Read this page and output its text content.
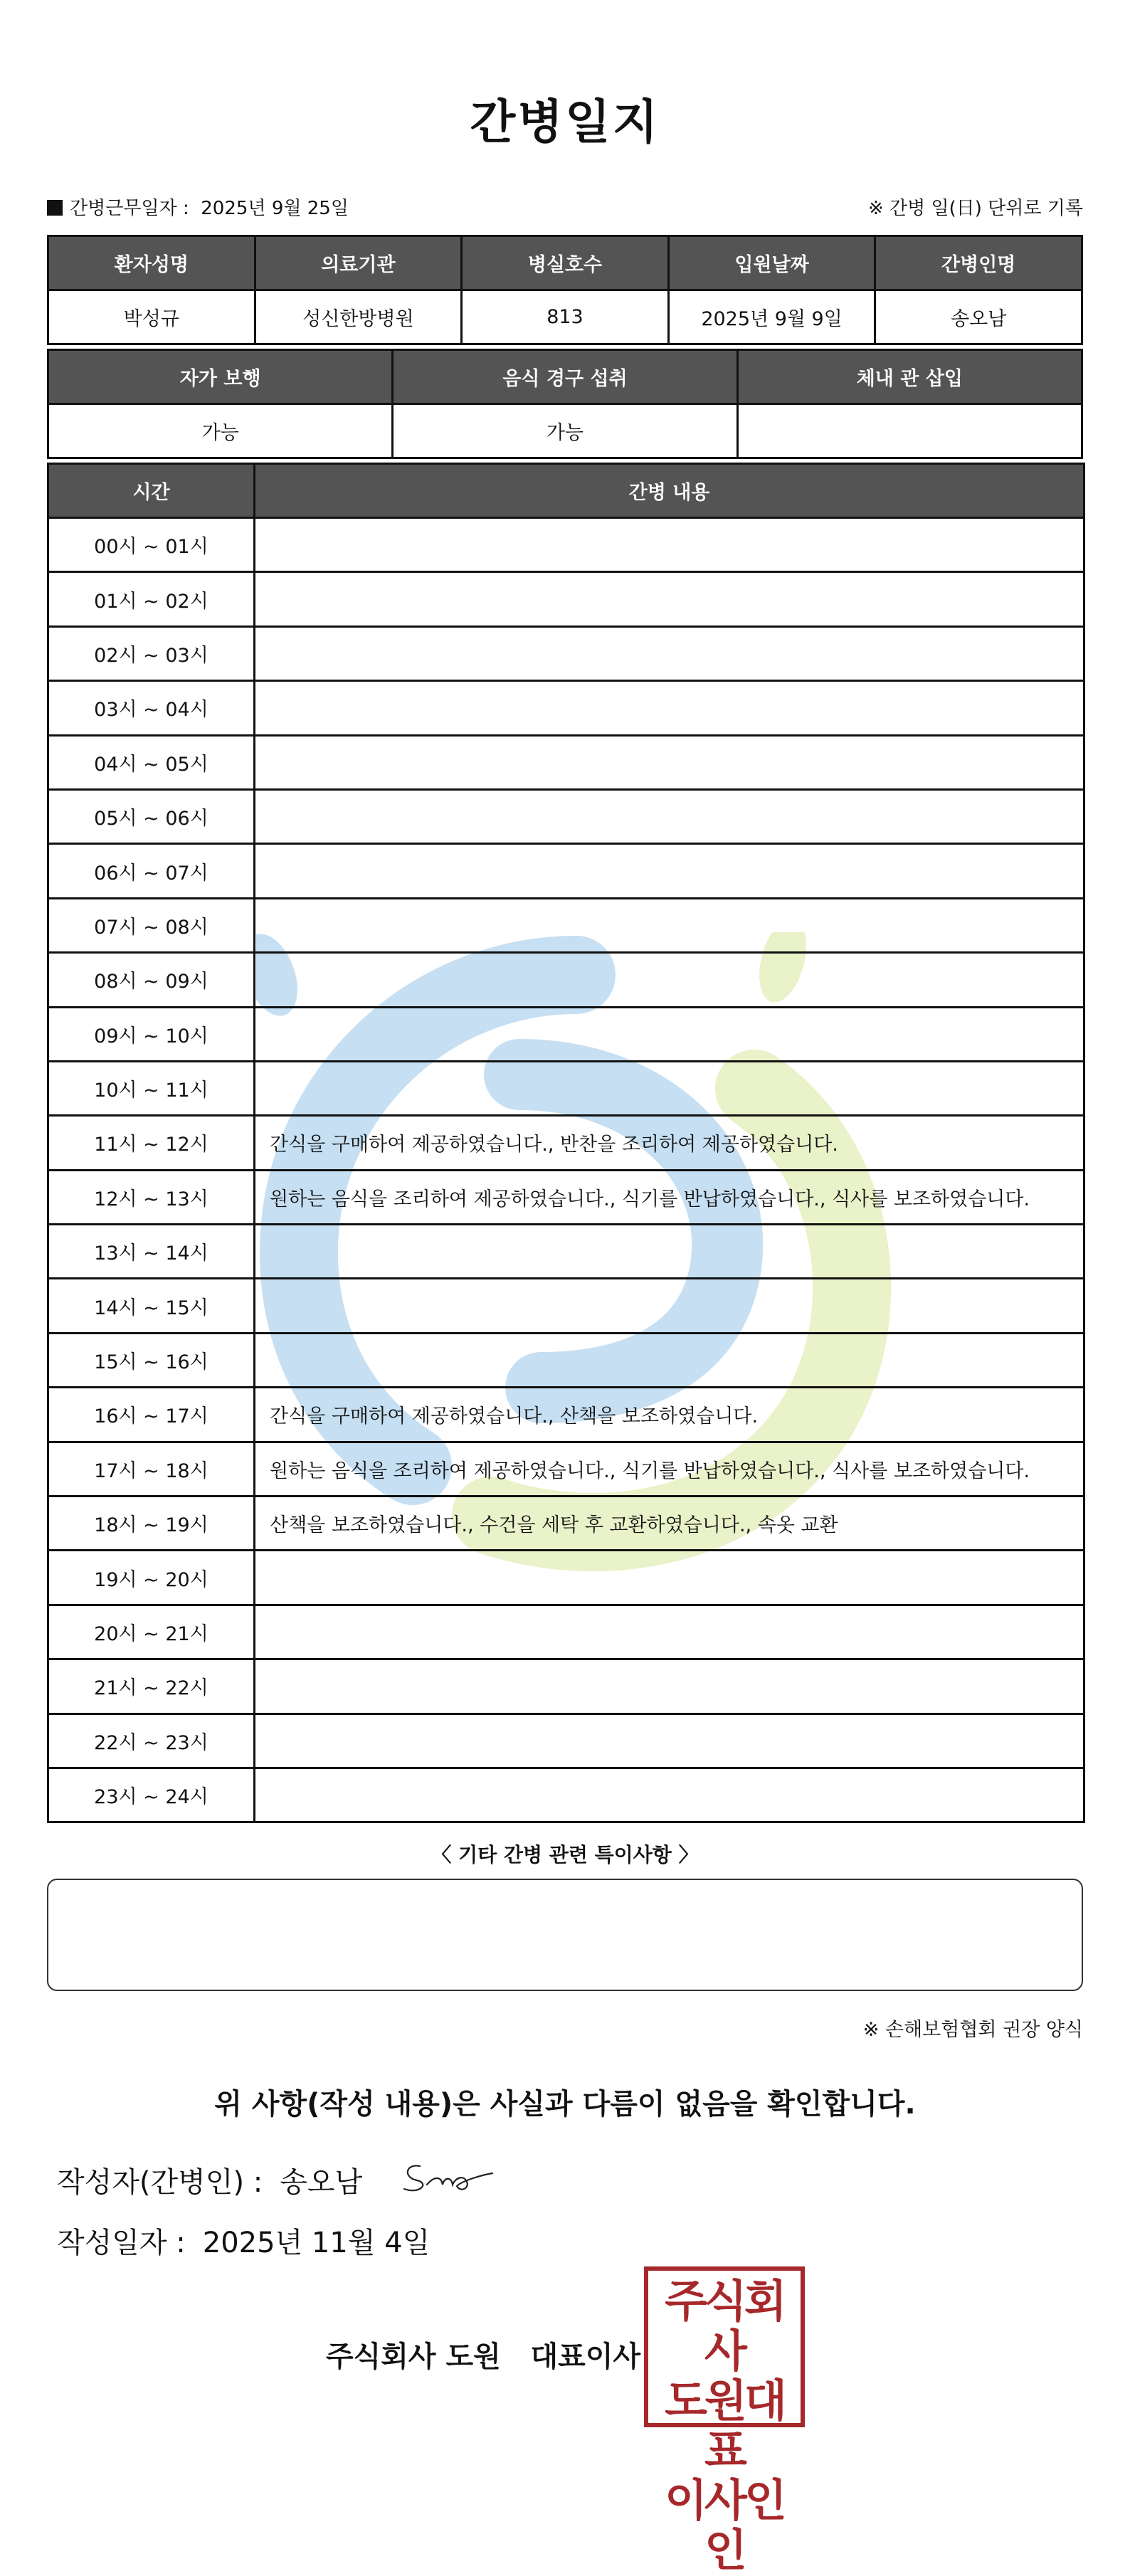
간병일지
간병근무일자 : 2025년 9월 25일	※ 간병 일(日) 단위로 기록
환자성명	의료기관	병실호수	입원날짜	간병인명
박성규	성신한방병원	813	2025년 9월 9일	송오남
자가 보행	음식 경구 섭취	체내 관 삽입
가능	가능	
시간	간병 내용
00시 ~ 01시	
01시 ~ 02시	
02시 ~ 03시	
03시 ~ 04시	
04시 ~ 05시	
05시 ~ 06시	
06시 ~ 07시	
07시 ~ 08시	
08시 ~ 09시	
09시 ~ 10시	
10시 ~ 11시	
11시 ~ 12시	간식을 구매하여 제공하였습니다., 반찬을 조리하여 제공하였습니다.
12시 ~ 13시	원하는 음식을 조리하여 제공하였습니다., 식기를 반납하였습니다., 식사를 보조하였습니다.
13시 ~ 14시	
14시 ~ 15시	
15시 ~ 16시	
16시 ~ 17시	간식을 구매하여 제공하였습니다., 산책을 보조하였습니다.
17시 ~ 18시	원하는 음식을 조리하여 제공하였습니다., 식기를 반납하였습니다., 식사를 보조하였습니다.
18시 ~ 19시	산책을 보조하였습니다., 수건을 세탁 후 교환하였습니다., 속옷 교환
19시 ~ 20시	
20시 ~ 21시	
21시 ~ 22시	
22시 ~ 23시	
23시 ~ 24시	
〈 기타 간병 관련 특이사항 〉
※ 손해보험협회 권장 양식
위 사항(작성 내용)은 사실과 다름이 없음을 확인합니다.
작성자(간병인) : 송오남
작성일자 : 2025년 11월 4일
주식회사 도원   대표이사
주식회사
도원대표
이사인인
